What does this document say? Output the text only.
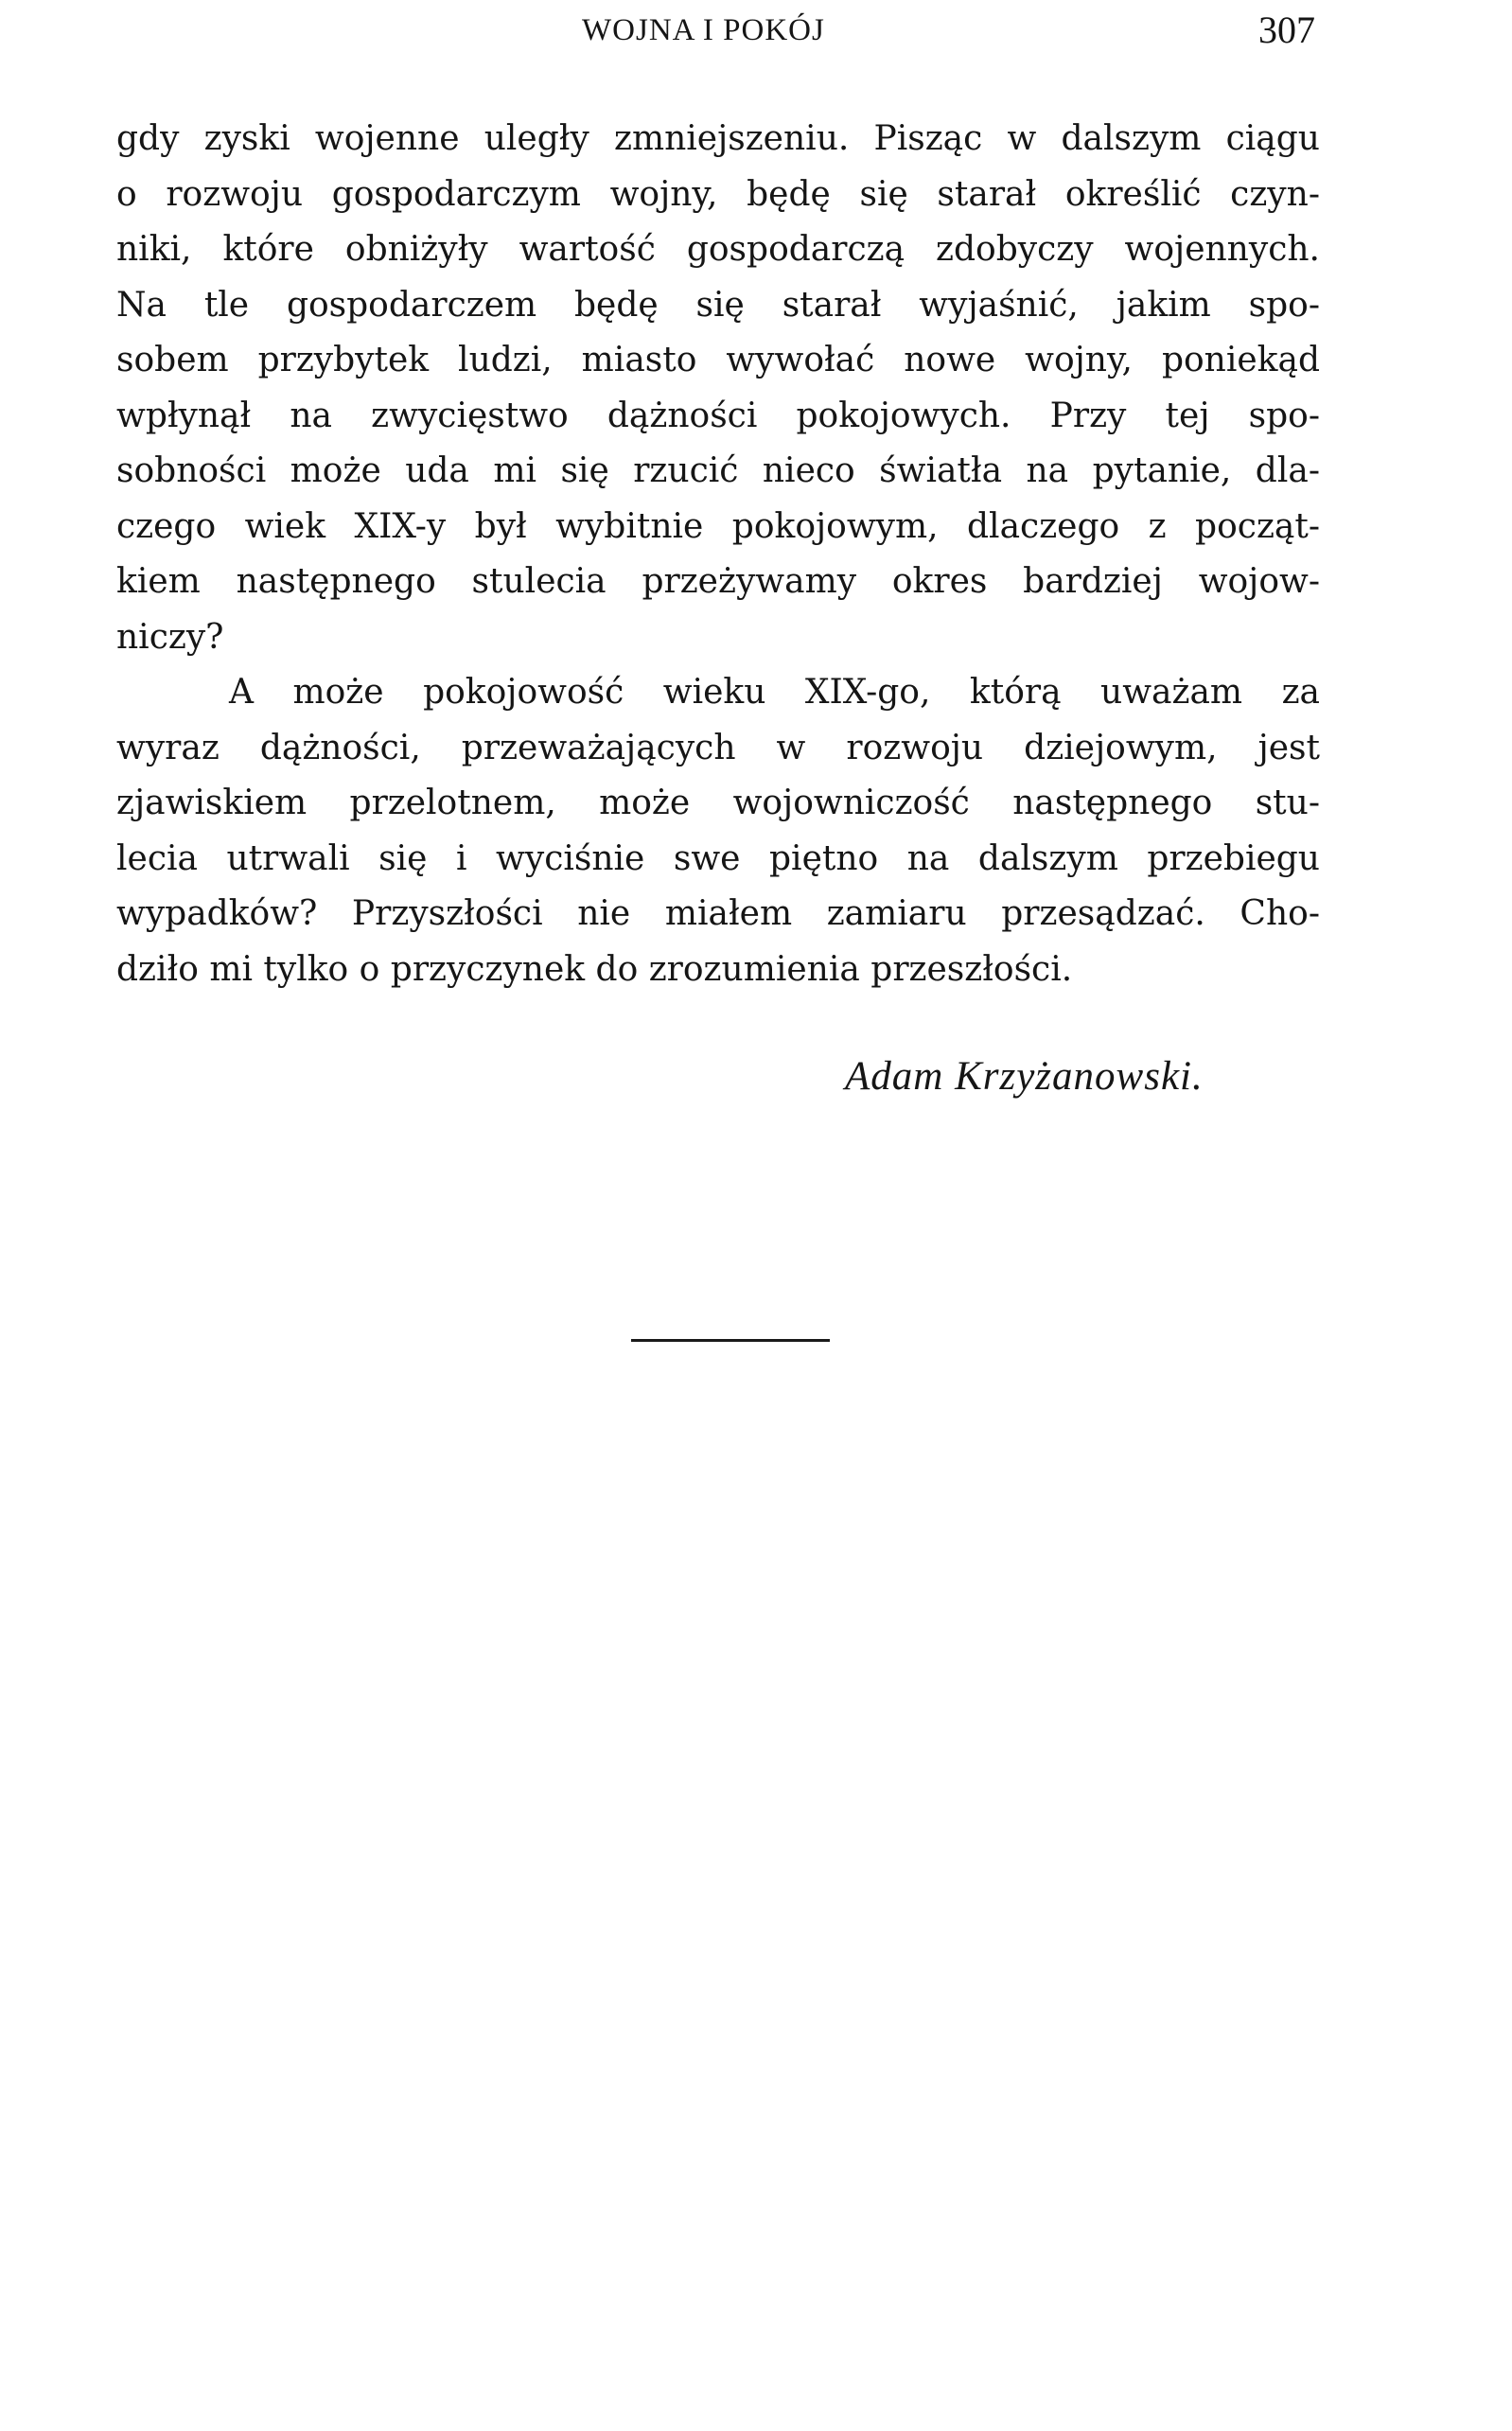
WOJNA I POKÓJ	307
gdy zyski wojenne uległy zmniejszeniu. Pisząc w dalszym ciągu
o rozwoju gospodarczym wojny, będę się starał określić czyn-
niki, które obniżyły wartość gospodarczą zdobyczy wojennych.
Na tle gospodarczem będę się starał wyjaśnić, jakim spo-
sobem przybytek ludzi, miasto wywołać nowe wojny, poniekąd
wpłynął na zwycięstwo dążności pokojowych. Przy tej spo-
sobności może uda mi się rzucić nieco światła na pytanie, dla-
czego wiek XIX-y był wybitnie pokojowym, dlaczego z począt-
kiem następnego stulecia przeżywamy okres bardziej wojow-
niczy?
A może pokojowość wieku XIX-go, którą uważam za
wyraz dążności, przeważających w rozwoju dziejowym, jest
zjawiskiem przelotnem, może wojowniczość następnego stu-
lecia utrwali się i wyciśnie swe piętno na dalszym przebiegu
wypadków? Przyszłości nie miałem zamiaru przesądzać. Cho-
dziło mi tylko o przyczynek do zrozumienia przeszłości.
Adam Krzyżanowski.
